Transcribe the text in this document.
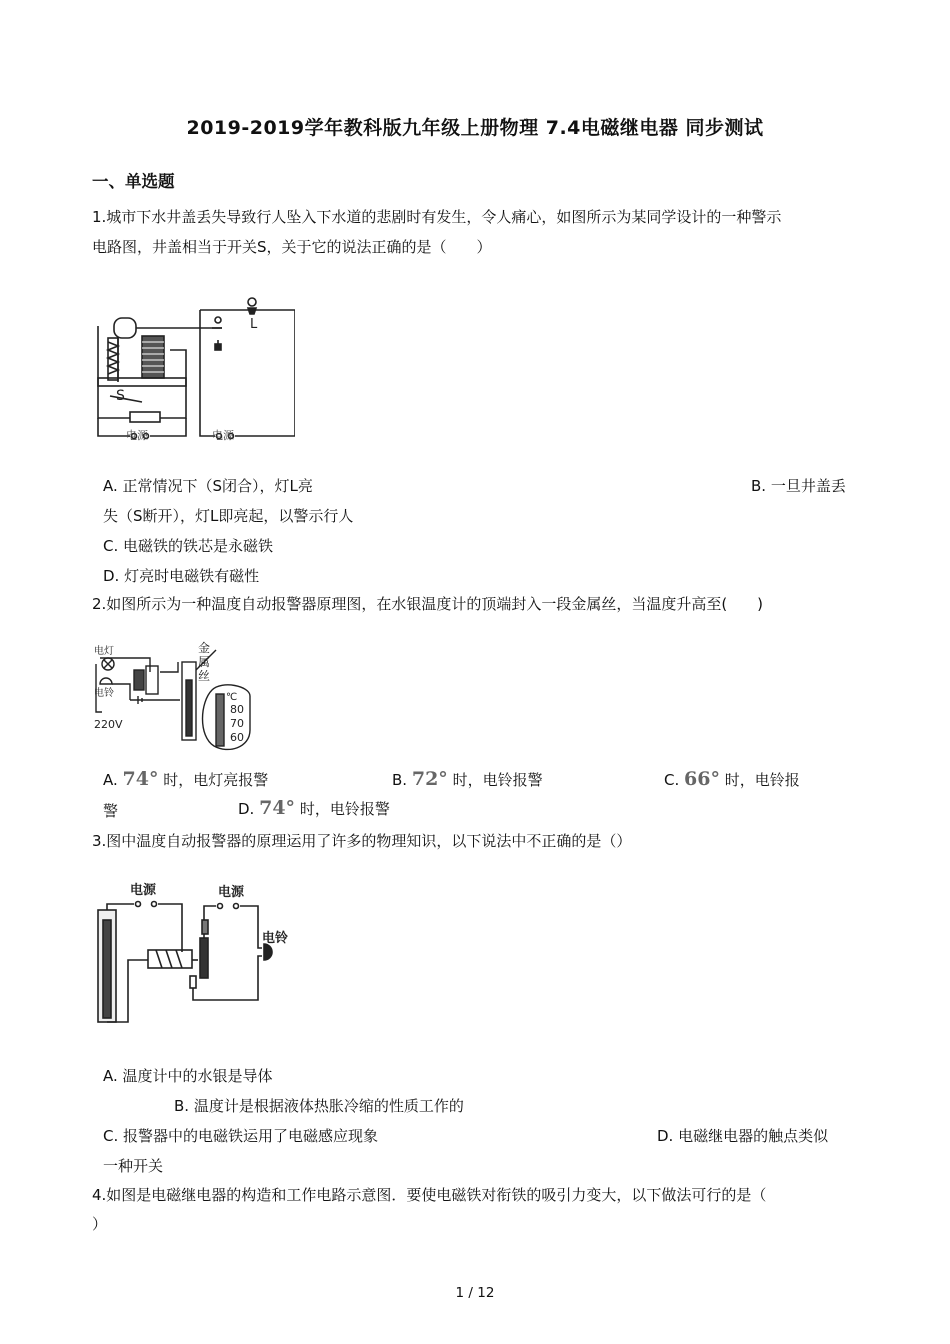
2019-2019学年教科版九年级上册物理 7.4电磁继电器 同步测试
一、单选题
1.城市下水井盖丢失导致行人坠入下水道的悲剧时有发生，令人痛心，如图所示为某同学设计的一种警示
电路图，井盖相当于开关S，关于它的说法正确的是（　　）
S
L
电源	电源
A. 正常情况下（S闭合），灯L亮	B. 一旦井盖丢
失（S断开），灯L即亮起，以警示行人
C. 电磁铁的铁芯是永磁铁
D. 灯亮时电磁铁有磁性
2.如图所示为一种温度自动报警器原理图，在水银温度计的顶端封入一段金属丝，当温度升高至(　　)
电灯
电铃
220V
金
属
丝
℃
80
70
60
A. 74° 时，电灯亮报警	B. 72° 时，电铃报警	C. 66° 时，电铃报
警	D. 74° 时，电铃报警
3.图中温度自动报警器的原理运用了许多的物理知识，以下说法中不正确的是（）
电源	电源
电铃
A. 温度计中的水银是导体
B. 温度计是根据液体热胀冷缩的性质工作的
C. 报警器中的电磁铁运用了电磁感应现象	D. 电磁继电器的触点类似
一种开关
4.如图是电磁继电器的构造和工作电路示意图．要使电磁铁对衔铁的吸引力变大，以下做法可行的是（
）
1 / 12
